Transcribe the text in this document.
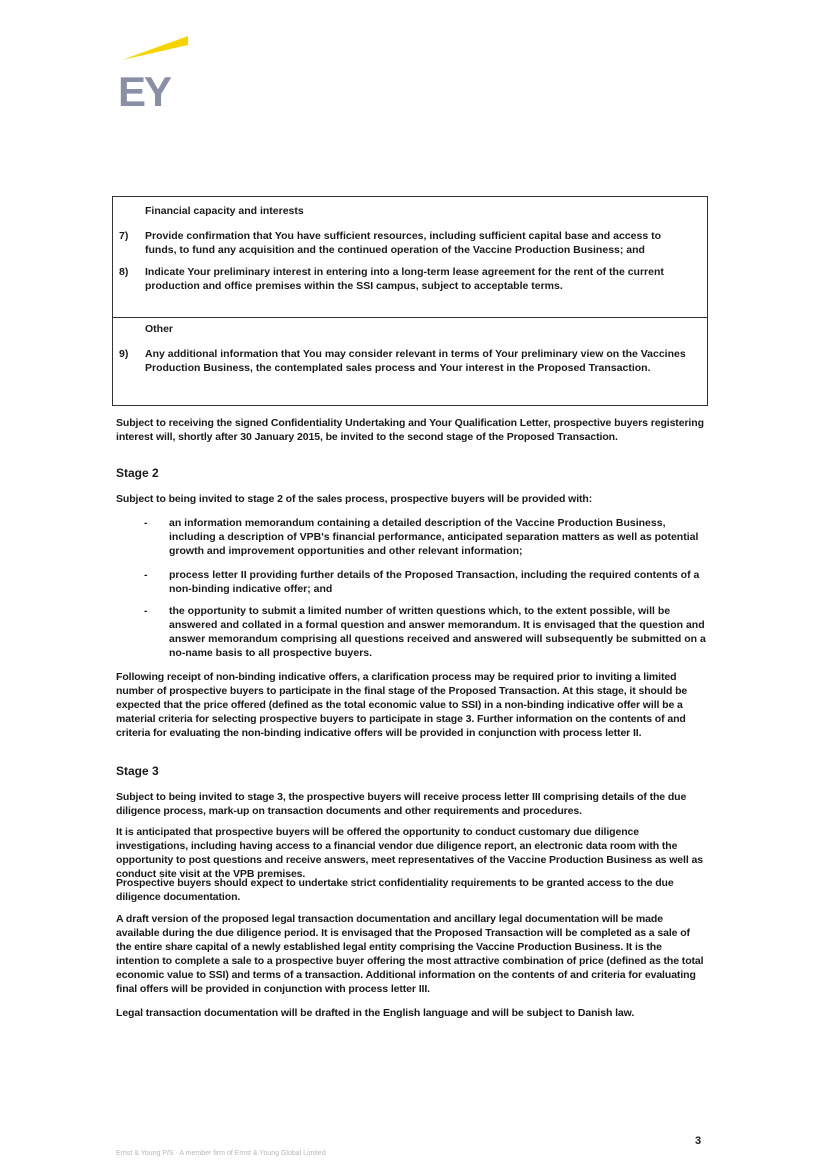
EY
Financial capacity and interests
7) Provide confirmation that You have sufficient resources, including sufficient capital base and access to funds, to fund any acquisition and the continued operation of the Vaccine Production Business; and
8) Indicate Your preliminary interest in entering into a long-term lease agreement for the rent of the current production and office premises within the SSI campus, subject to acceptable terms.
Other
9) Any additional information that You may consider relevant in terms of Your preliminary view on the Vaccines Production Business, the contemplated sales process and Your interest in the Proposed Transaction.
Subject to receiving the signed Confidentiality Undertaking and Your Qualification Letter, prospective buyers registering interest will, shortly after 30 January 2015, be invited to the second stage of the Proposed Transaction.
Stage 2
Subject to being invited to stage 2 of the sales process, prospective buyers will be provided with:
- an information memorandum containing a detailed description of the Vaccine Production Business, including a description of VPB's financial performance, anticipated separation matters as well as potential growth and improvement opportunities and other relevant information;
- process letter II providing further details of the Proposed Transaction, including the required contents of a non-binding indicative offer; and
- the opportunity to submit a limited number of written questions which, to the extent possible, will be answered and collated in a formal question and answer memorandum. It is envisaged that the question and answer memorandum comprising all questions received and answered will subsequently be submitted on a no-name basis to all prospective buyers.
Following receipt of non-binding indicative offers, a clarification process may be required prior to inviting a limited number of prospective buyers to participate in the final stage of the Proposed Transaction. At this stage, it should be expected that the price offered (defined as the total economic value to SSI) in a non-binding indicative offer will be a material criteria for selecting prospective buyers to participate in stage 3. Further information on the contents of and criteria for evaluating the non-binding indicative offers will be provided in conjunction with process letter II.
Stage 3
Subject to being invited to stage 3, the prospective buyers will receive process letter III comprising details of the due diligence process, mark-up on transaction documents and other requirements and procedures.
It is anticipated that prospective buyers will be offered the opportunity to conduct customary due diligence investigations, including having access to a financial vendor due diligence report, an electronic data room with the opportunity to post questions and receive answers, meet representatives of the Vaccine Production Business as well as conduct site visit at the VPB premises.
Prospective buyers should expect to undertake strict confidentiality requirements to be granted access to the due diligence documentation.
A draft version of the proposed legal transaction documentation and ancillary legal documentation will be made available during the due diligence period. It is envisaged that the Proposed Transaction will be completed as a sale of the entire share capital of a newly established legal entity comprising the Vaccine Production Business. It is the intention to complete a sale to a prospective buyer offering the most attractive combination of price (defined as the total economic value to SSI) and terms of a transaction. Additional information on the contents of and criteria for evaluating final offers will be provided in conjunction with process letter III.
Legal transaction documentation will be drafted in the English language and will be subject to Danish law.
3
Ernst & Young P/S · A member firm of Ernst & Young Global Limited
